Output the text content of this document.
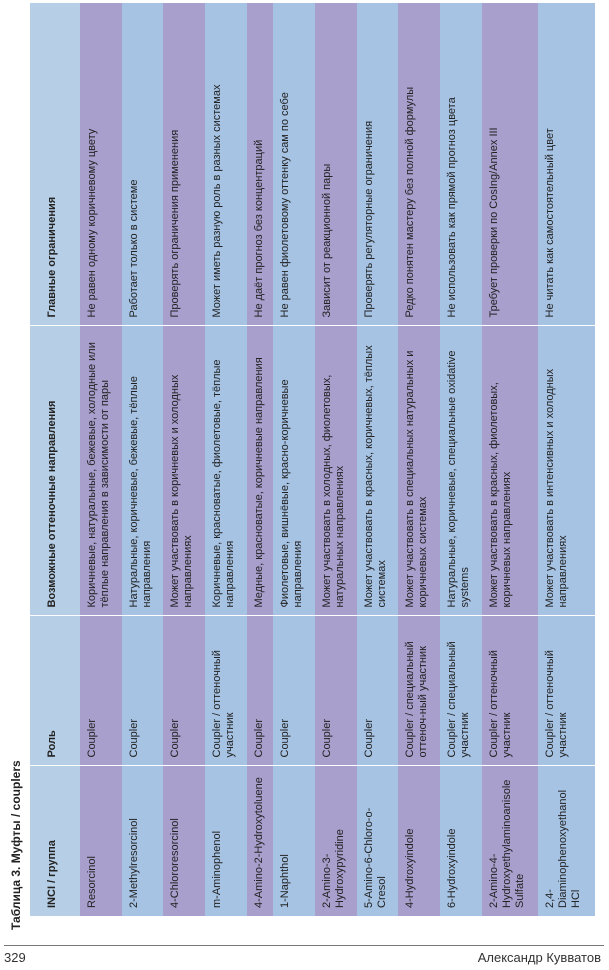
Таблица 3. Муфты / couplers INCI / группа	Роль	Возможные оттеночные направления	Главные ограничения
Resorcinol	Coupler	Коричневые, натуральные, бежевые, холодные или тёплые направления в зависимости от пары	Не равен одному коричневому цвету
2-Methylresorcinol	Coupler	Натуральные, коричневые, бежевые, тёплые направления	Работает только в системе
4-Chlororesorcinol	Coupler	Может участвовать в коричневых и холодных направлениях	Проверять ограничения применения
m-Aminophenol	Coupler / оттеночный участник	Коричневые, красноватые, фиолетовые, тёплые направления	Может иметь разную роль в разных системах
4-Amino-2-Hydroxytoluene	Coupler	Медные, красноватые, коричневые направления	Не даёт прогноз без концентраций
1-Naphthol	Coupler	Фиолетовые, вишнёвые, красно-коричневые направления	Не равен фиолетовому оттенку сам по себе
2-Amino-3-Hydroxypyridine	Coupler	Может участвовать в холодных, фиолетовых, натуральных направлениях	Зависит от реакционной пары
5-Amino-6-Chloro-o-Cresol	Coupler	Может участвовать в красных, коричневых, тёплых системах	Проверять регуляторные ограничения
4-Hydroxyindole	Coupler / специальный оттеноч-ный участник	Может участвовать в специальных натуральных и коричневых системах	Редко понятен мастеру без полной формулы
6-Hydroxyindole	Coupler / специальный участник	Натуральные, коричневые, специальные oxidative systems	Не использовать как прямой прогноз цвета
2-Amino-4-Hydroxyethylaminoanisole Sulfate	Coupler / оттеночный участник	Может участвовать в красных, фиолетовых, коричневых направлениях	Требует проверки по CosIng/Annex III
2,4-Diaminophenoxyethanol HCl	Coupler / оттеночный участник	Может участвовать в интенсивных и холодных направлениях	Не читать как самостоятельный цвет
329	Александр Кувватов
